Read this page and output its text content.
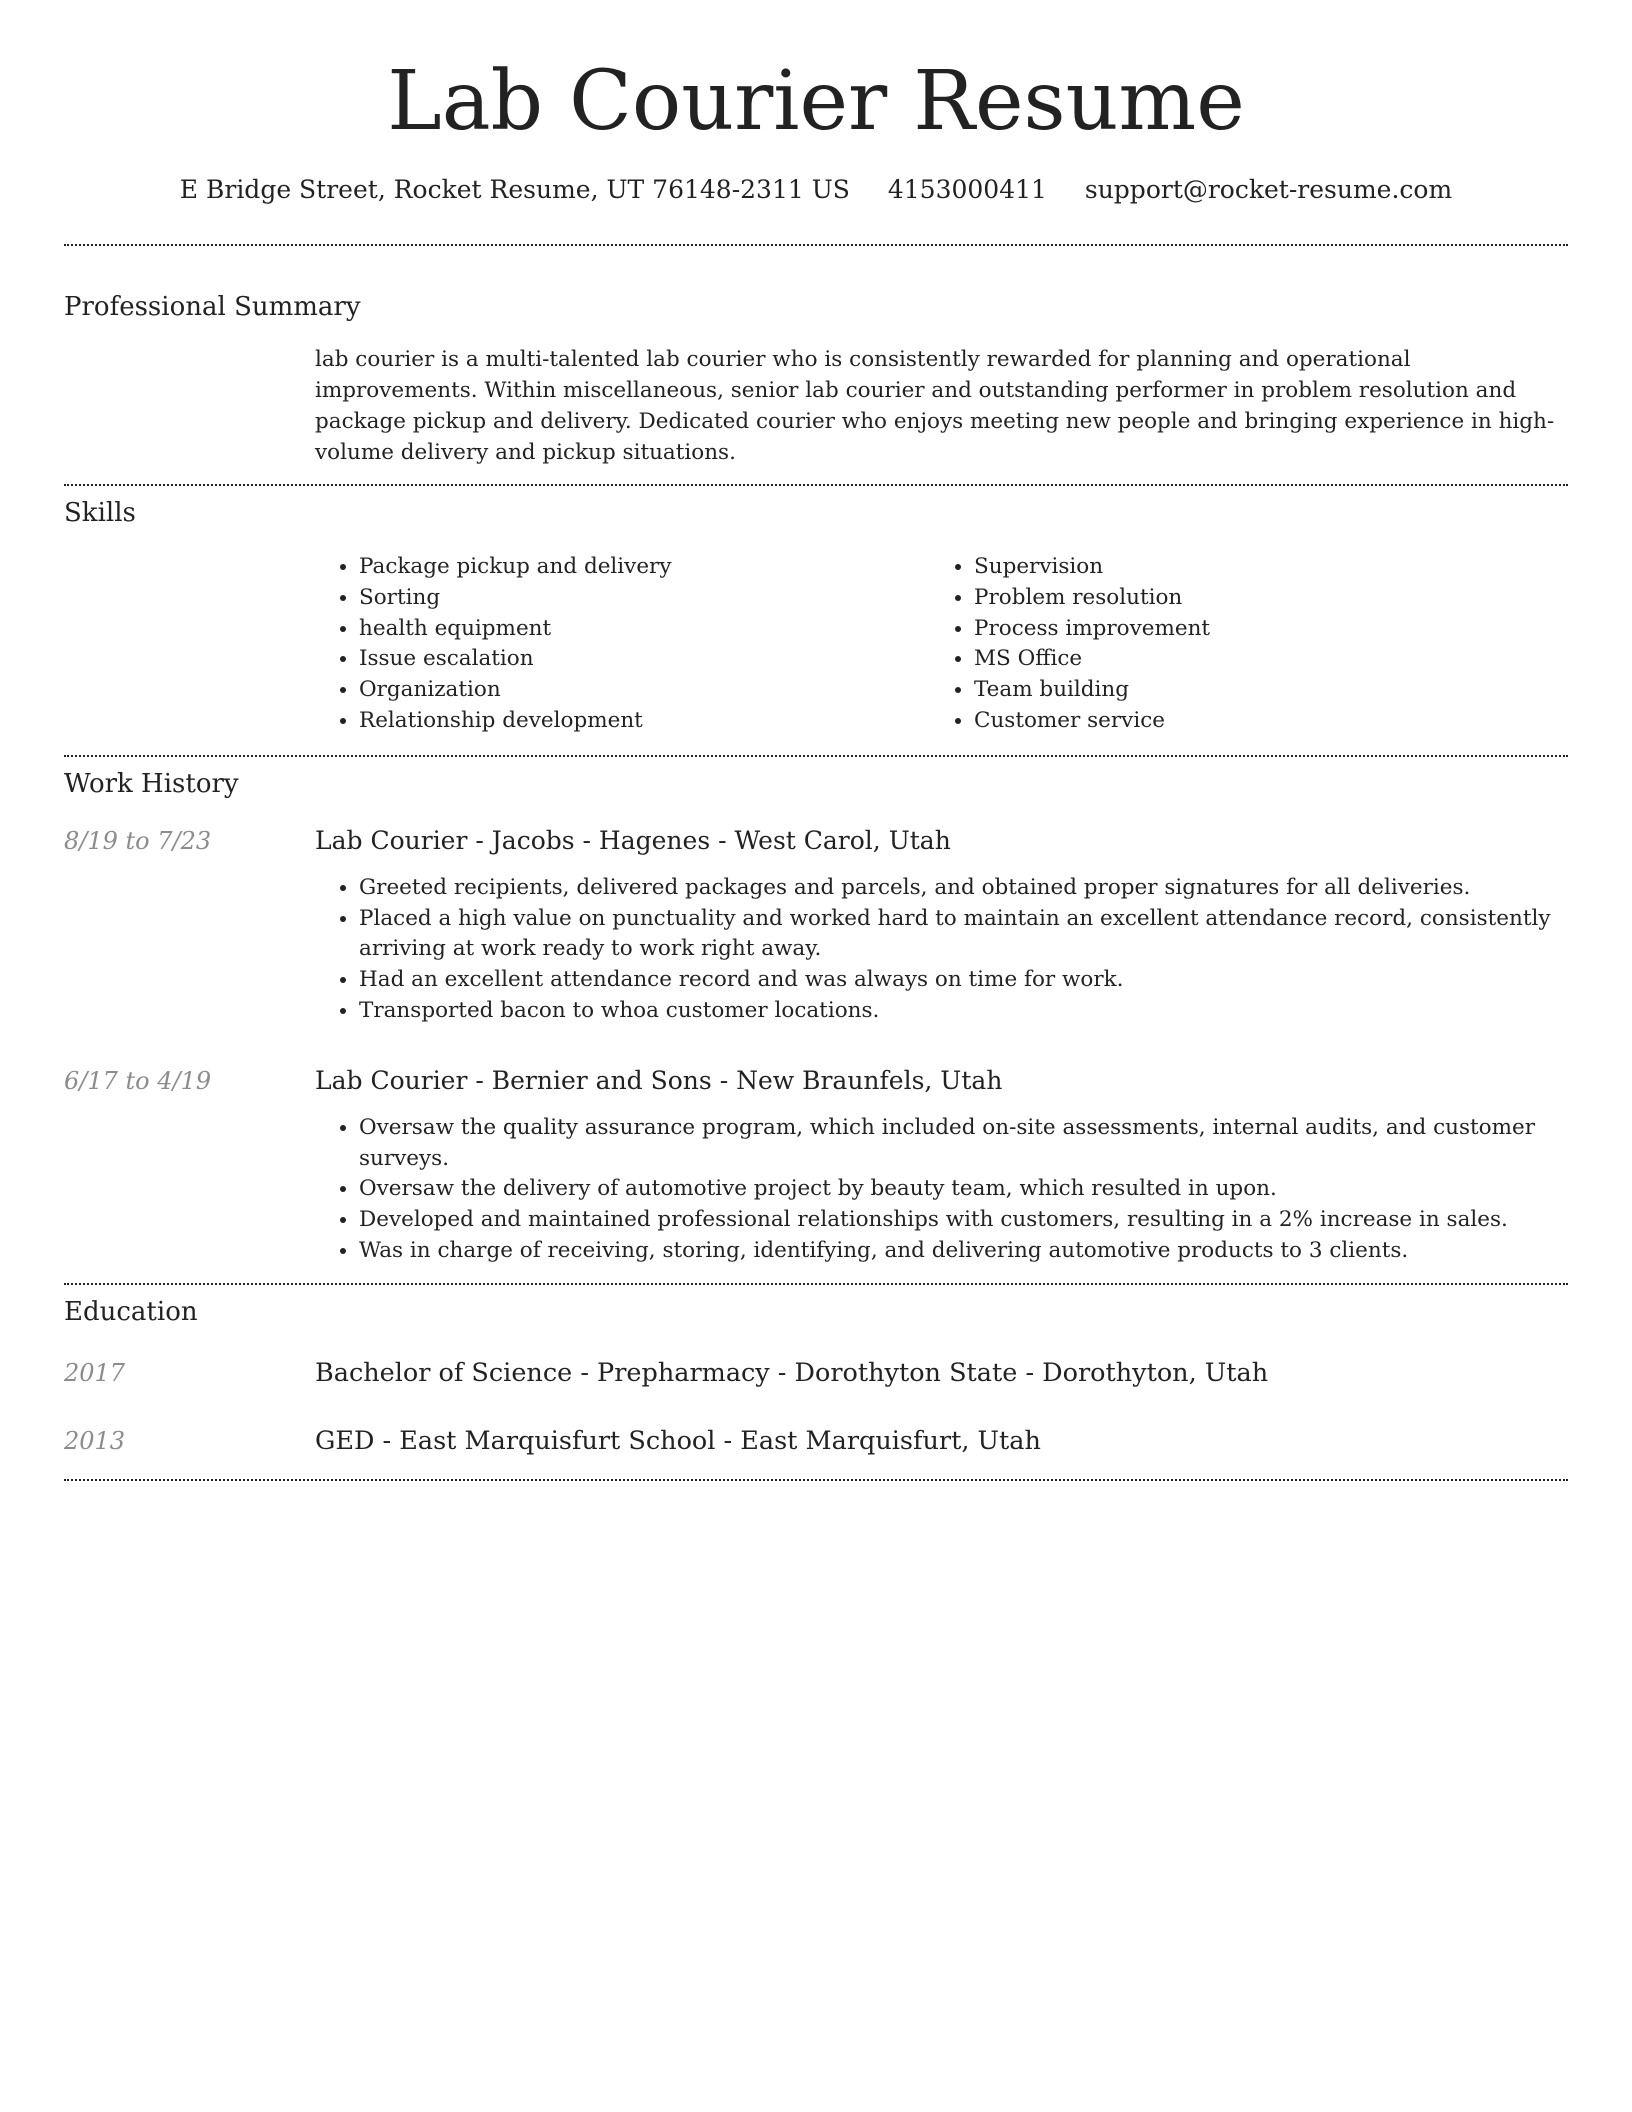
Lab Courier Resume
E Bridge Street, Rocket Resume, UT 76148-2311 US 4153000411 support@rocket-resume.com
Professional Summary
lab courier is a multi-talented lab courier who is consistently rewarded for planning and operational improvements. Within miscellaneous, senior lab courier and outstanding performer in problem resolution and package pickup and delivery. Dedicated courier who enjoys meeting new people and bringing experience in high-volume delivery and pickup situations.
Skills
• Package pickup and delivery
• Sorting
• health equipment
• Issue escalation
• Organization
• Relationship development
• Supervision
• Problem resolution
• Process improvement
• MS Office
• Team building
• Customer service
Work History
8/19 to 7/23	Lab Courier - Jacobs - Hagenes - West Carol, Utah
• Greeted recipients, delivered packages and parcels, and obtained proper signatures for all deliveries.
• Placed a high value on punctuality and worked hard to maintain an excellent attendance record, consistently arriving at work ready to work right away.
• Had an excellent attendance record and was always on time for work.
• Transported bacon to whoa customer locations.
6/17 to 4/19	Lab Courier - Bernier and Sons - New Braunfels, Utah
• Oversaw the quality assurance program, which included on-site assessments, internal audits, and customer surveys.
• Oversaw the delivery of automotive project by beauty team, which resulted in upon.
• Developed and maintained professional relationships with customers, resulting in a 2% increase in sales.
• Was in charge of receiving, storing, identifying, and delivering automotive products to 3 clients.
Education
2017	Bachelor of Science - Prepharmacy - Dorothyton State - Dorothyton, Utah
2013	GED - East Marquisfurt School - East Marquisfurt, Utah
